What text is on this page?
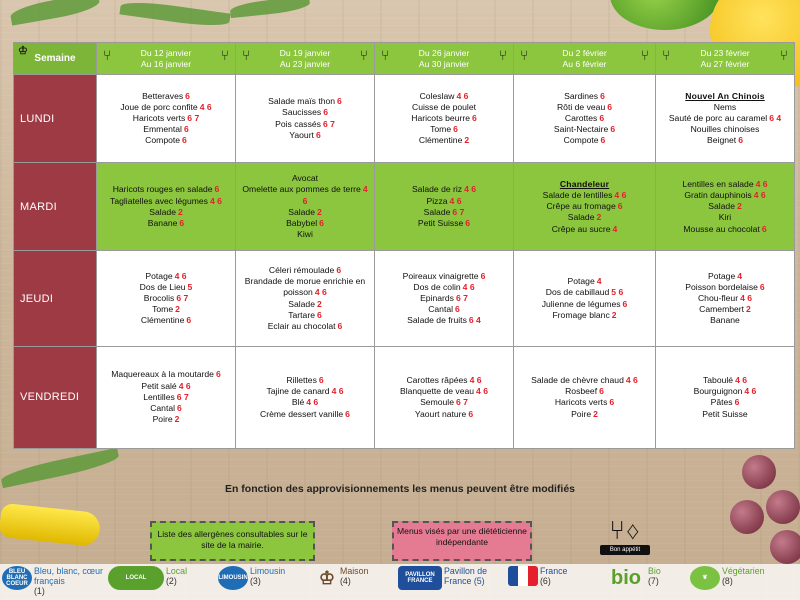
♔
Semaine	⑂ ⑂
Du 12 janvier
Au 16 janvier	⑂ ⑂
Du 19 janvier
Au 23 janvier	⑂ ⑂
Du 26 janvier
Au 30 janvier	⑂ ⑂
Du 2 février
Au 6 février	⑂ ⑂
Du 23 février
Au 27 février

LUNDI	Betteraves 6
Joue de porc confite 4 6
Haricots verts 6 7
Emmental 6
Compote 6	Salade maïs thon 6
Saucisses 6
Pois cassés 6 7
Yaourt 6	Coleslaw 4 6
Cuisse de poulet
Haricots beurre 6
Tome 6
Clémentine 2	Sardines 6
Rôti de veau 6
Carottes 6
Saint-Nectaire 6
Compote 6	Nouvel An Chinois
Nems
Sauté de porc au caramel 6 4
Nouilles chinoises
Beignet 6

MARDI	Haricots rouges en salade 6
Tagliatelles avec légumes 4 6
Salade 2
Banane 6	Avocat
Omelette aux pommes de terre 4 6
Salade 2
Babybel 6
Kiwi	Salade de riz 4 6
Pizza 4 6
Salade 6 7
Petit Suisse 6	Chandeleur
Salade de lentilles 4 6
Crêpe au fromage 6
Salade 2
Crêpe au sucre 4	Lentilles en salade 4 6
Gratin dauphinois 4 6
Salade 2
Kiri
Mousse au chocolat 6

JEUDI	Potage 4 6
Dos de Lieu 5
Brocolis 6 7
Tome 2
Clémentine 6	Céleri rémoulade 6
Brandade de morue enrichie en poisson 4 6
Salade 2
Tartare 6
Eclair au chocolat 6	Poireaux vinaigrette 6
Dos de colin 4 6
Epinards 6 7
Cantal 6
Salade de fruits 6 4	Potage 4
Dos de cabillaud 5 6
Julienne de légumes 6
Fromage blanc 2	Potage 4
Poisson bordelaise 6
Chou-fleur 4 6
Camembert 2
Banane

VENDREDI	Maquereaux à la moutarde 6
Petit salé 4 6
Lentilles 6 7
Cantal 6
Poire 2	Rillettes 6
Tajine de canard 4 6
Blé 4 6
Crème dessert vanille 6	Carottes râpées 4 6
Blanquette de veau 4 6
Semoule 6 7
Yaourt nature 6	Salade de chèvre chaud 4 6
Rosbeef 6
Haricots verts 6
Poire 2	Taboulé 4 6
Bourguignon 4 6
Pâtes 6
Petit Suisse
En fonction des approvisionnements les menus peuvent être modifiés
Liste des allergènes consultables sur le site de la mairie.
Menus visés par une diététicienne indépendante	⑂♢
Bon appétit
BLEU BLANC COEUR
Bleu, blanc, cœur français
(1)
LOCAL
Local
(2)	LIMOUSIN
Limousin
(3)	♔ Maison
(4)
PAVILLON FRANCE
Pavillon de France (5)
France
(6)	bio Bio
(7)	❦
Végétarien
(8)
